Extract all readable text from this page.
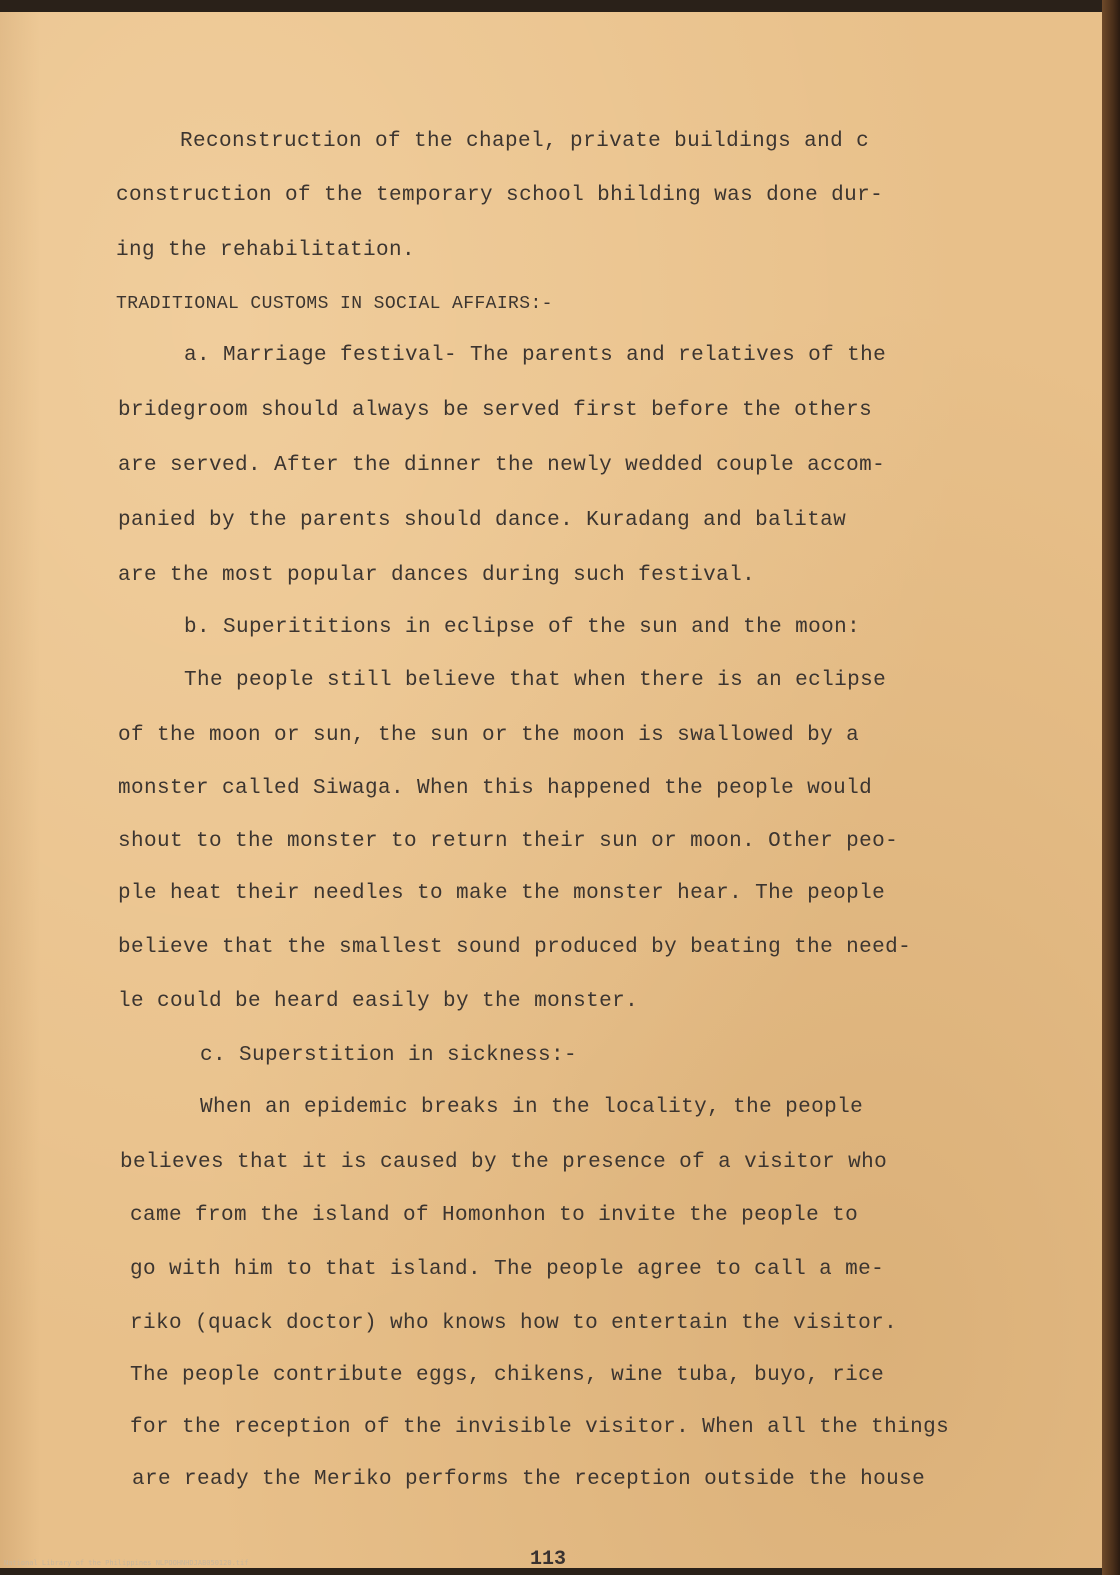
Reconstruction of the chapel, private buildings and c
construction of the temporary school bhilding was done dur-
ing the rehabilitation.
TRADITIONAL CUSTOMS IN SOCIAL AFFAIRS:-
a. Marriage festival- The parents and relatives of the
bridegroom should always be served first before the others
are served. After the dinner the newly wedded couple accom-
panied by the parents should dance. Kuradang and balitaw
are the most popular dances during such festival.
b. Superititions in eclipse of the sun and the moon:
The people still believe that when there is an eclipse
of the moon or sun, the sun or the moon is swallowed by a
monster called Siwaga. When this happened the people would
shout to the monster to return their sun or moon. Other peo-
ple heat their needles to make the monster hear. The people
believe that the smallest sound produced by beating the need-
le could be heard easily by the monster.
c. Superstition in sickness:-
When an epidemic breaks in the locality, the people
believes that it is caused by the presence of a visitor who
came from the island of Homonhon to invite the people to
go with him to that island. The people agree to call a me-
riko (quack doctor) who knows how to entertain the visitor.
The people contribute eggs, chikens, wine tuba, buyo, rice
for the reception of the invisible visitor. When all the things
are ready the Meriko performs the reception outside the house
113
National Library of the Philippines NLPOOHNHDJAB050120.tif
